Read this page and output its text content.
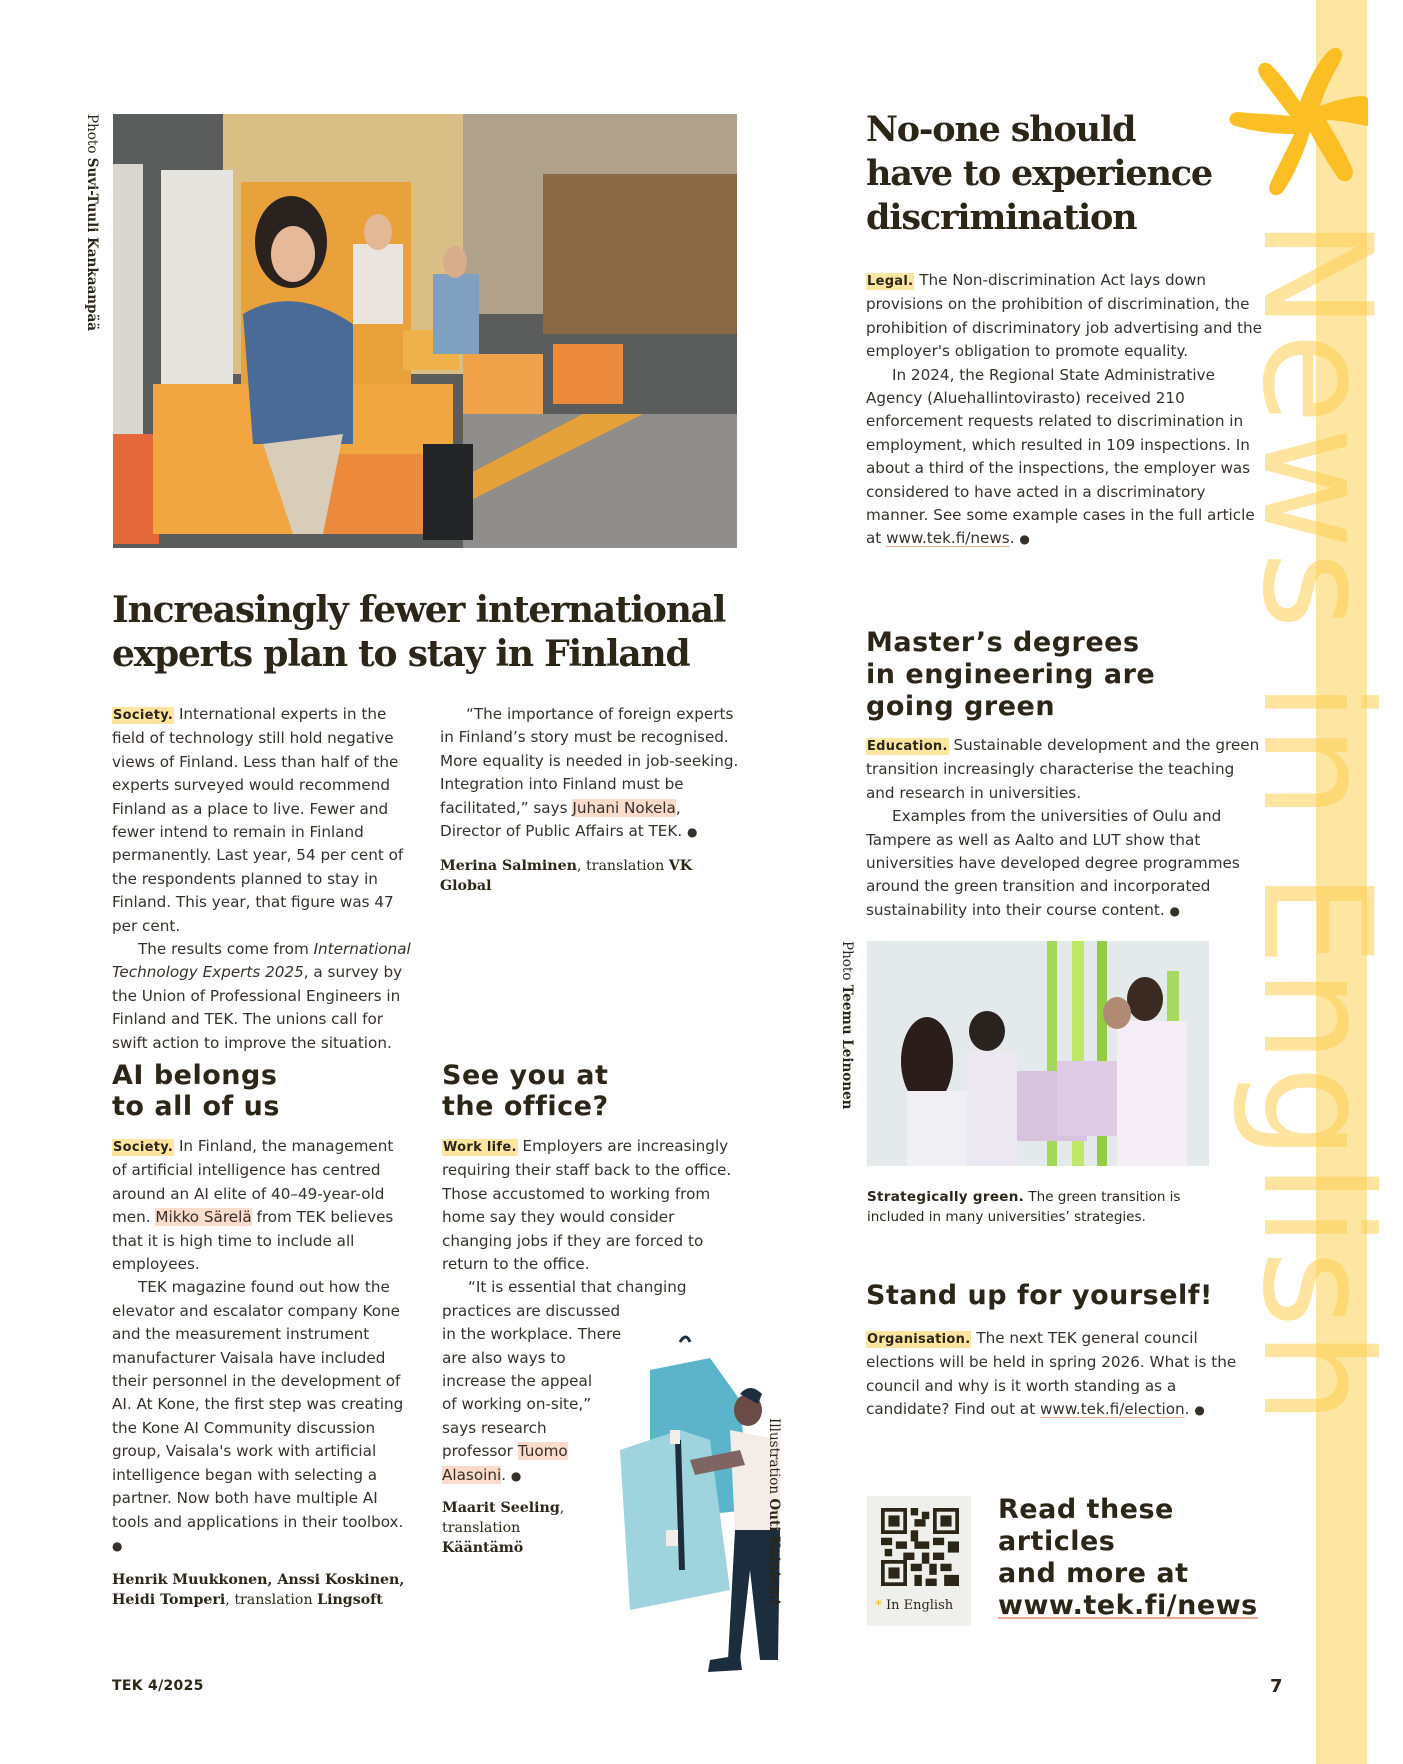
News in English
Photo Suvi-Tuuli Kankaanpää
Increasingly fewer international experts plan to stay in Finland

Society. International experts in the field of technology still hold negative views of Finland. Less than half of the experts surveyed would recommend Finland as a place to live. Fewer and fewer intend to remain in Finland permanently. Last year, 54 per cent of the respondents planned to stay in Finland. This year, that figure was 47 per cent.

The results come from International Technology Experts 2025, a survey by the Union of Professional Engineers in Finland and TEK. The unions call for swift action to improve the situation.

“The importance of foreign experts in Finland’s story must be recognised. More equality is needed in job-seeking. Integration into Finland must be facilitated,” says Juhani Nokela, Director of Public Affairs at TEK. ●

Merina Salminen, translation VK Global

AI belongs
to all of us

Society. In Finland, the management of artificial intelligence has centred around an AI elite of 40–49-year-old men. Mikko Särelä from TEK believes that it is high time to include all employees.

TEK magazine found out how the elevator and escalator company Kone and the measurement instrument manufacturer Vaisala have included their personnel in the development of AI. At Kone, the first step was creating the Kone AI Community discussion group, Vaisala's work with artificial intelligence began with selecting a partner. Now both have multiple AI tools and applications in their toolbox. ●

Henrik Muukkonen, Anssi Koskinen, Heidi Tomperi, translation Lingsoft

See you at
the office?

Work life. Employers are increasingly requiring their staff back to the office. Those accustomed to working from home say they would consider changing jobs if they are forced to return to the office.

“It is essential that changing

practices are discussed
in the workplace. There
are also ways to
increase the appeal
of working on-site,”
says research
professor Tuomo
Alasoini. ●

Maarit Seeling,
translation
Kääntämö

Illustration Outi Kainiemi
No-one should have to experience discrimination

Legal. The Non-discrimination Act lays down provisions on the prohibition of discrimination, the prohibition of discriminatory job advertising and the employer's obligation to promote equality.

In 2024, the Regional State Administrative Agency (Aluehallintovirasto) received 210 enforcement requests related to discrimination in employment, which resulted in 109 inspections. In about a third of the inspections, the employer was considered to have acted in a discriminatory manner. See some example cases in the full article at www.tek.fi/news. ●

Master’s degrees
in engineering are
going green

Education. Sustainable development and the green transition increasingly characterise the teaching and research in universities.

Examples from the universities of Oulu and Tampere as well as Aalto and LUT show that universities have developed degree programmes around the green transition and incorporated sustainability into their course content. ●

Photo Teemu Leinonen

Strategically green. The green transition is included in many universities’ strategies.

Stand up for yourself!

Organisation. The next TEK general council elections will be held in spring 2026. What is the council and why is it worth standing as a candidate? Find out at www.tek.fi/election. ●

* In English
Read these
articles
and more at
www.tek.fi/news
TEK 4/2025	7
